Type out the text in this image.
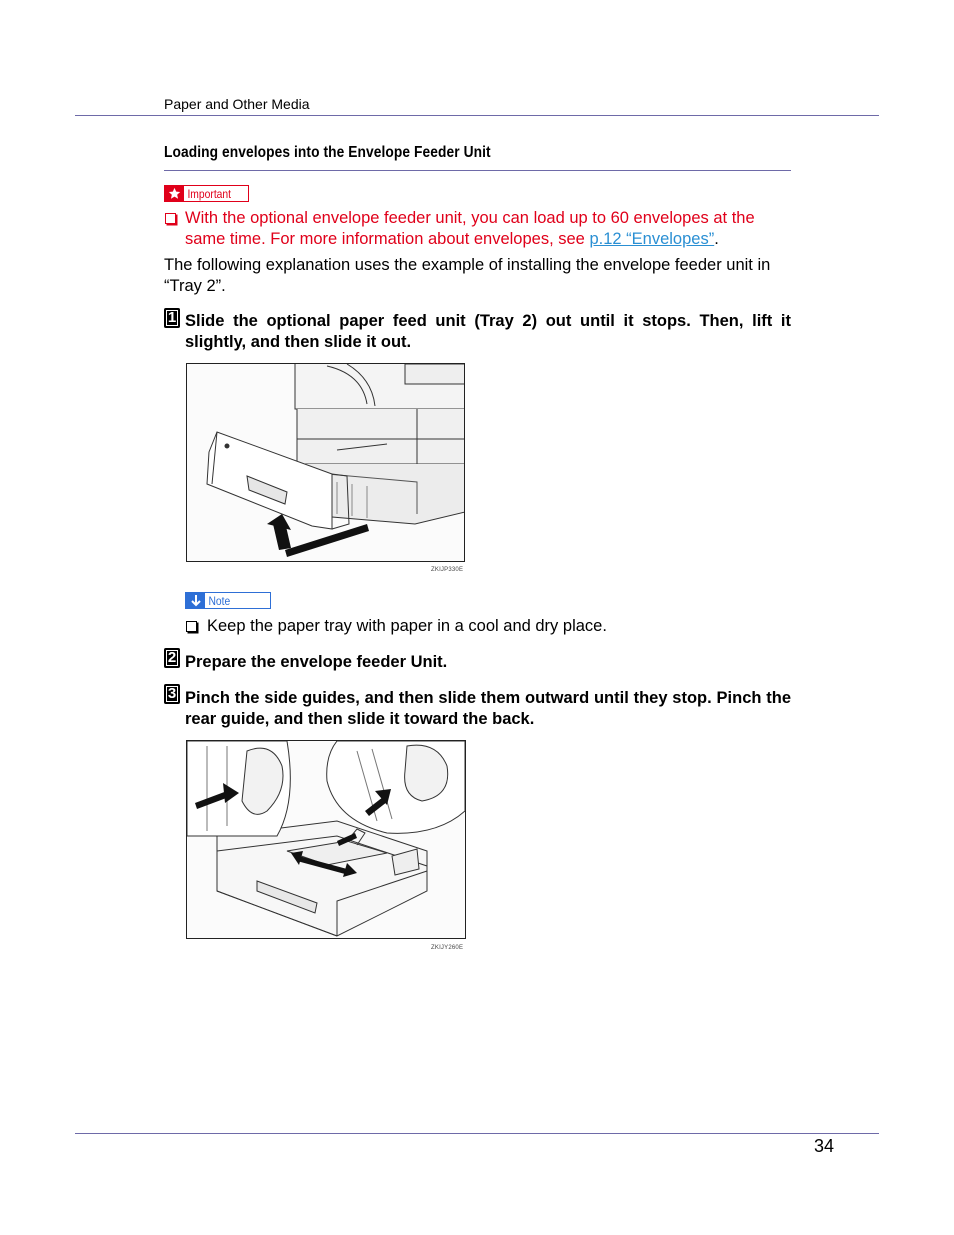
Paper and Other Media
Loading envelopes into the Envelope Feeder Unit
Important
With the optional envelope feeder unit, you can load up to 60 envelopes at the same time. For more information about envelopes, see p.12 “Envelopes”.
The following explanation uses the example of installing the envelope feeder unit in “Tray 2”.
1 Slide the optional paper feed unit (Tray 2) out until it stops. Then, lift it slightly, and then slide it out.
ZKIJP330E
Note
Keep the paper tray with paper in a cool and dry place.
2 Prepare the envelope feeder Unit.
3 Pinch the side guides, and then slide them outward until they stop. Pinch the rear guide, and then slide it toward the back.
ZKIJY260E
34
